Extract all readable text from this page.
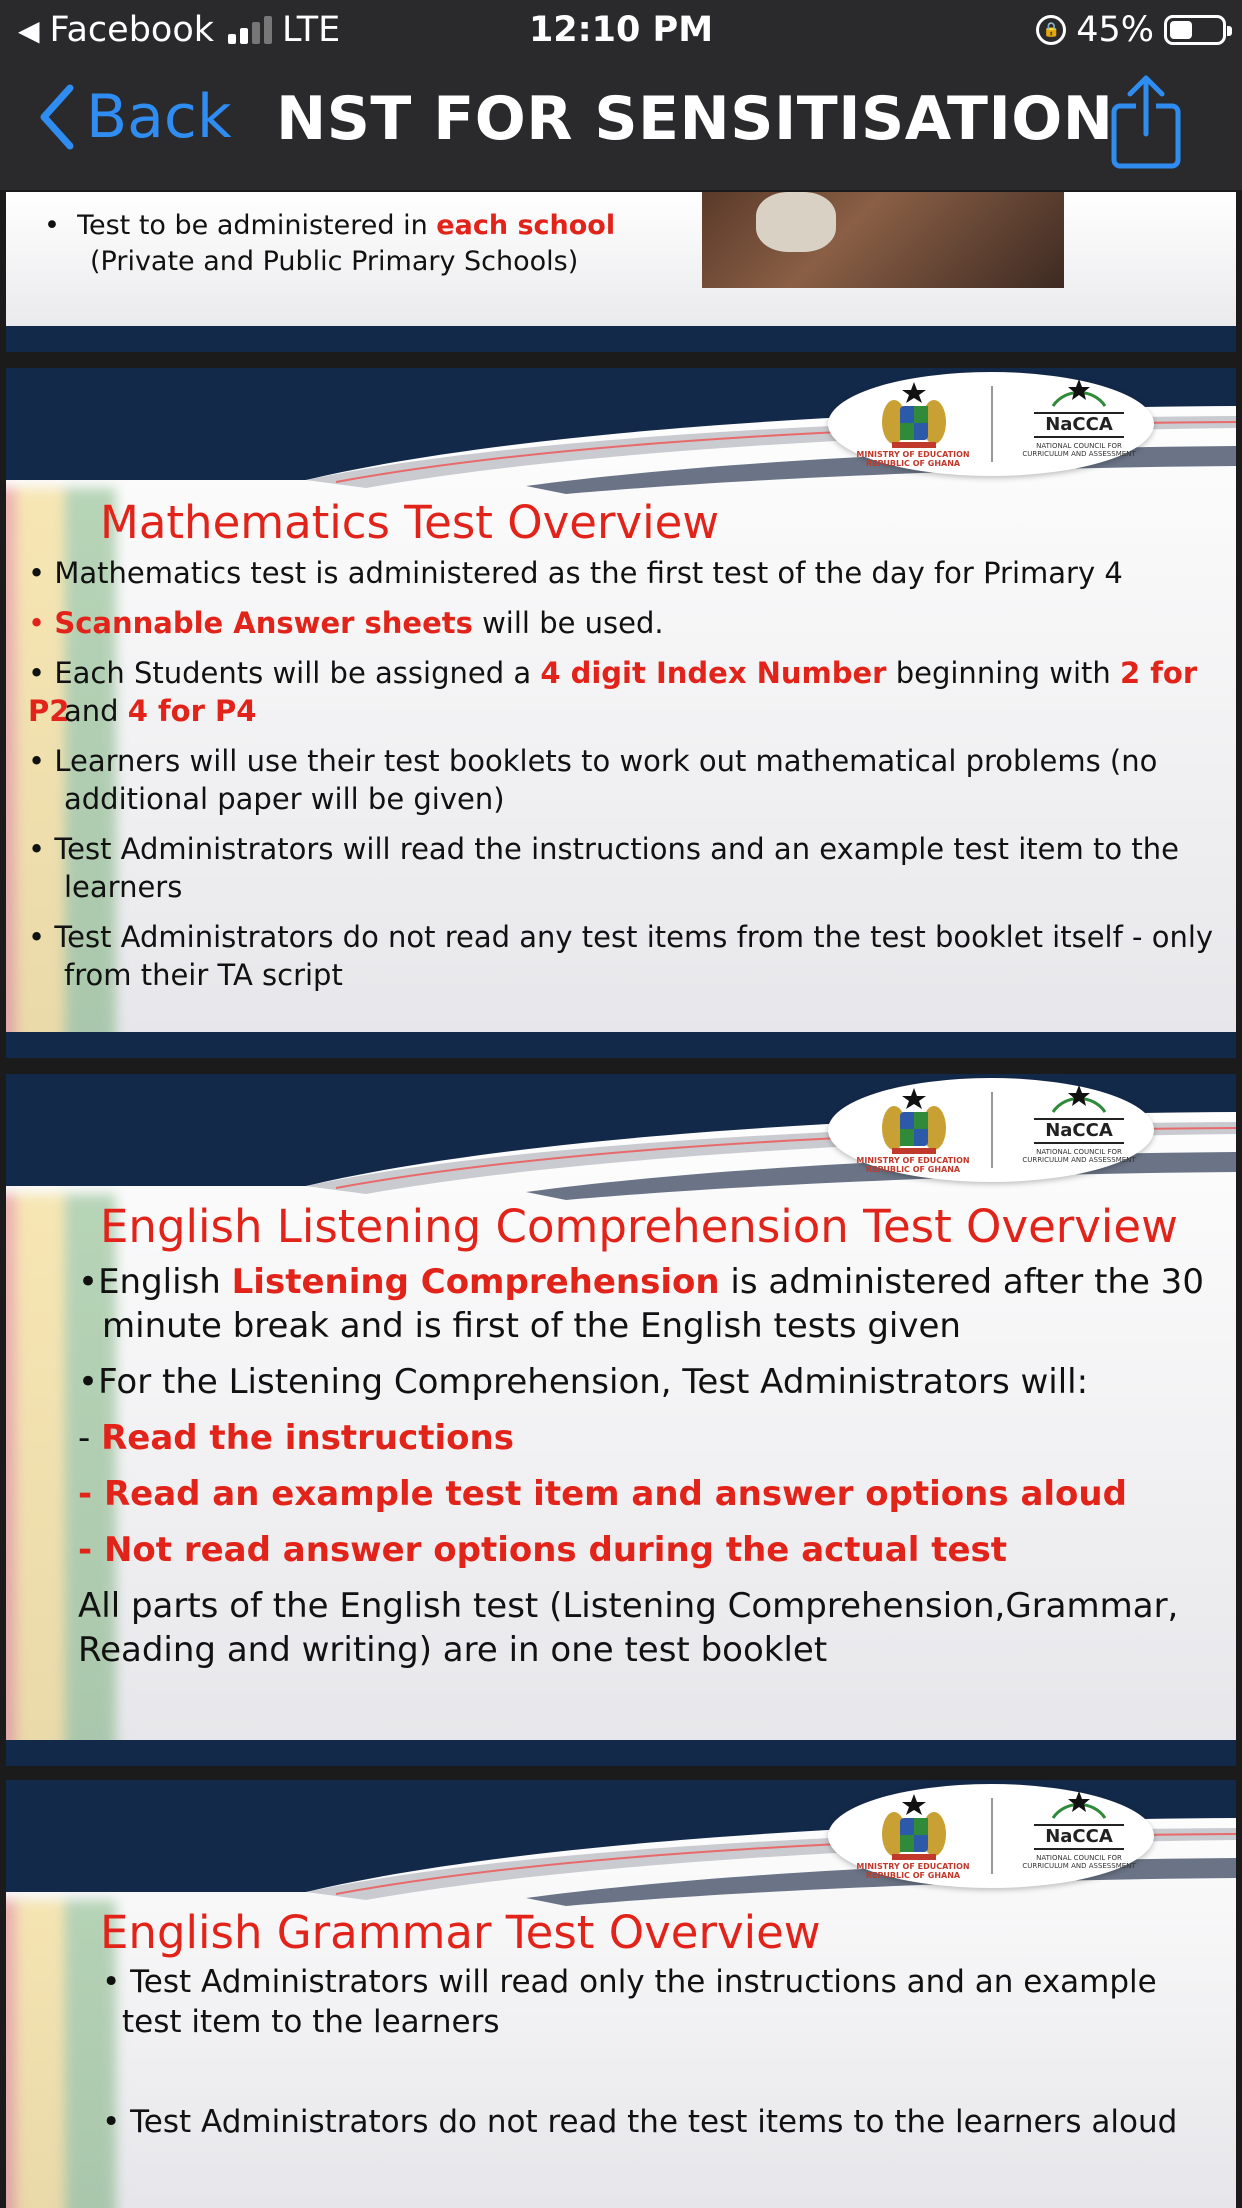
◀ Facebook LTE	12:10 PM	🔒 45%
Back NST FOR SENSITISATION
•  Test to be administered in each school
(Private and Public Primary Schools)
MINISTRY OF EDUCATION REPUBLIC OF GHANA
NaCCA
NATIONAL COUNCIL FOR CURRICULUM AND ASSESSMENT
Mathematics Test Overview
• Mathematics test is administered as the first test of the day for Primary 4
• Scannable Answer sheets will be used.
• Each Students will be assigned a 4 digit Index Number beginning with 2 for P2
and 4 for P4
• Learners will use their test booklets to work out mathematical problems (no
additional paper will be given)
• Test Administrators will read the instructions and an example test item to the
learners
• Test Administrators do not read any test items from the test booklet itself - only
from their TA script
MINISTRY OF EDUCATION REPUBLIC OF GHANA
NaCCA
NATIONAL COUNCIL FOR CURRICULUM AND ASSESSMENT
English Listening Comprehension Test Overview
•English Listening Comprehension is administered after the 30
minute break and is first of the English tests given
•For the Listening Comprehension, Test Administrators will:
- Read the instructions
- Read an example test item and answer options aloud
- Not read answer options during the actual test
All parts of the English test (Listening Comprehension,Grammar,
Reading and writing) are in one test booklet
MINISTRY OF EDUCATION REPUBLIC OF GHANA
NaCCA
NATIONAL COUNCIL FOR CURRICULUM AND ASSESSMENT
English Grammar Test Overview
• Test Administrators will read only the instructions and an example
test item to the learners
• Test Administrators do not read the test items to the learners aloud
